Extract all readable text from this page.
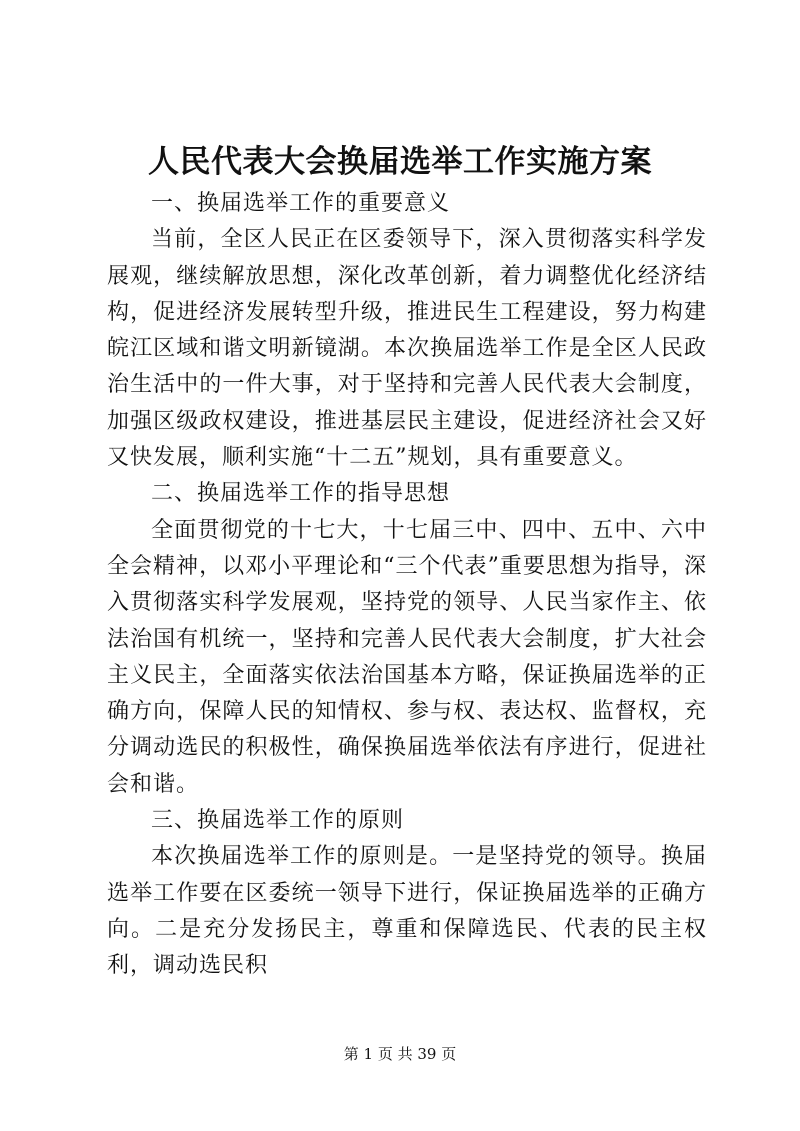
人民代表大会换届选举工作实施方案

一、换届选举工作的重要意义

当前，全区人民正在区委领导下，深入贯彻落实科学发展观，继续解放思想，深化改革创新，着力调整优化经济结构，促进经济发展转型升级，推进民生工程建设，努力构建皖江区域和谐文明新镜湖。本次换届选举工作是全区人民政治生活中的一件大事，对于坚持和完善人民代表大会制度，加强区级政权建设，推进基层民主建设，促进经济社会又好又快发展，顺利实施“十二五”规划，具有重要意义。

二、换届选举工作的指导思想

全面贯彻党的十七大，十七届三中、四中、五中、六中全会精神，以邓小平理论和“三个代表”重要思想为指导，深入贯彻落实科学发展观，坚持党的领导、人民当家作主、依法治国有机统一，坚持和完善人民代表大会制度，扩大社会主义民主，全面落实依法治国基本方略，保证换届选举的正确方向，保障人民的知情权、参与权、表达权、监督权，充分调动选民的积极性，确保换届选举依法有序进行，促进社会和谐。

三、换届选举工作的原则

本次换届选举工作的原则是。一是坚持党的领导。换届选举工作要在区委统一领导下进行，保证换届选举的正确方向。二是充分发扬民主，尊重和保障选民、代表的民主权利，调动选民积

第 1 页 共 39 页
